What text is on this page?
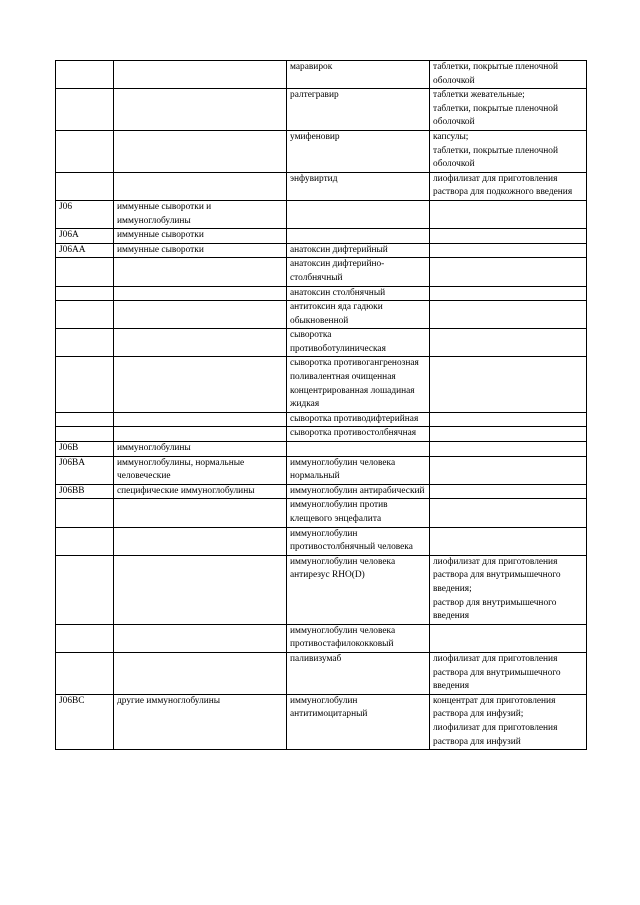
		маравирок	таблетки, покрытые пленочной оболочкой
		ралтегравир	таблетки жевательные;
таблетки, покрытые пленочной оболочкой
		умифеновир	капсулы;
таблетки, покрытые пленочной оболочкой
		энфувиртид	лиофилизат для приготовления раствора для подкожного введения
J06	иммунные сыворотки и иммуноглобулины		
J06A	иммунные сыворотки		
J06AA	иммунные сыворотки	анатоксин дифтерийный	
		анатоксин дифтерийно-столбнячный	
		анатоксин столбнячный	
		антитоксин яда гадюки обыкновенной	
		сыворотка противоботулиническая	
		сыворотка противогангренозная поливалентная очищенная концентрированная лошадиная жидкая	
		сыворотка противодифтерийная	
		сыворотка противостолбнячная	
J06B	иммуноглобулины		
J06BA	иммуноглобулины, нормальные человеческие	иммуноглобулин человека нормальный	
J06BB	специфические иммуноглобулины	иммуноглобулин антирабический	
		иммуноглобулин против клещевого энцефалита	
		иммуноглобулин противостолбнячный человека	
		иммуноглобулин человека антирезус RHO(D)	лиофилизат для приготовления раствора для внутримышечного введения;
раствор для внутримышечного введения
		иммуноглобулин человека противостафилококковый	
		паливизумаб	лиофилизат для приготовления раствора для внутримышечного введения
J06BC	другие иммуноглобулины	иммуноглобулин антитимоцитарный	концентрат для приготовления раствора для инфузий;
лиофилизат для приготовления раствора для инфузий
